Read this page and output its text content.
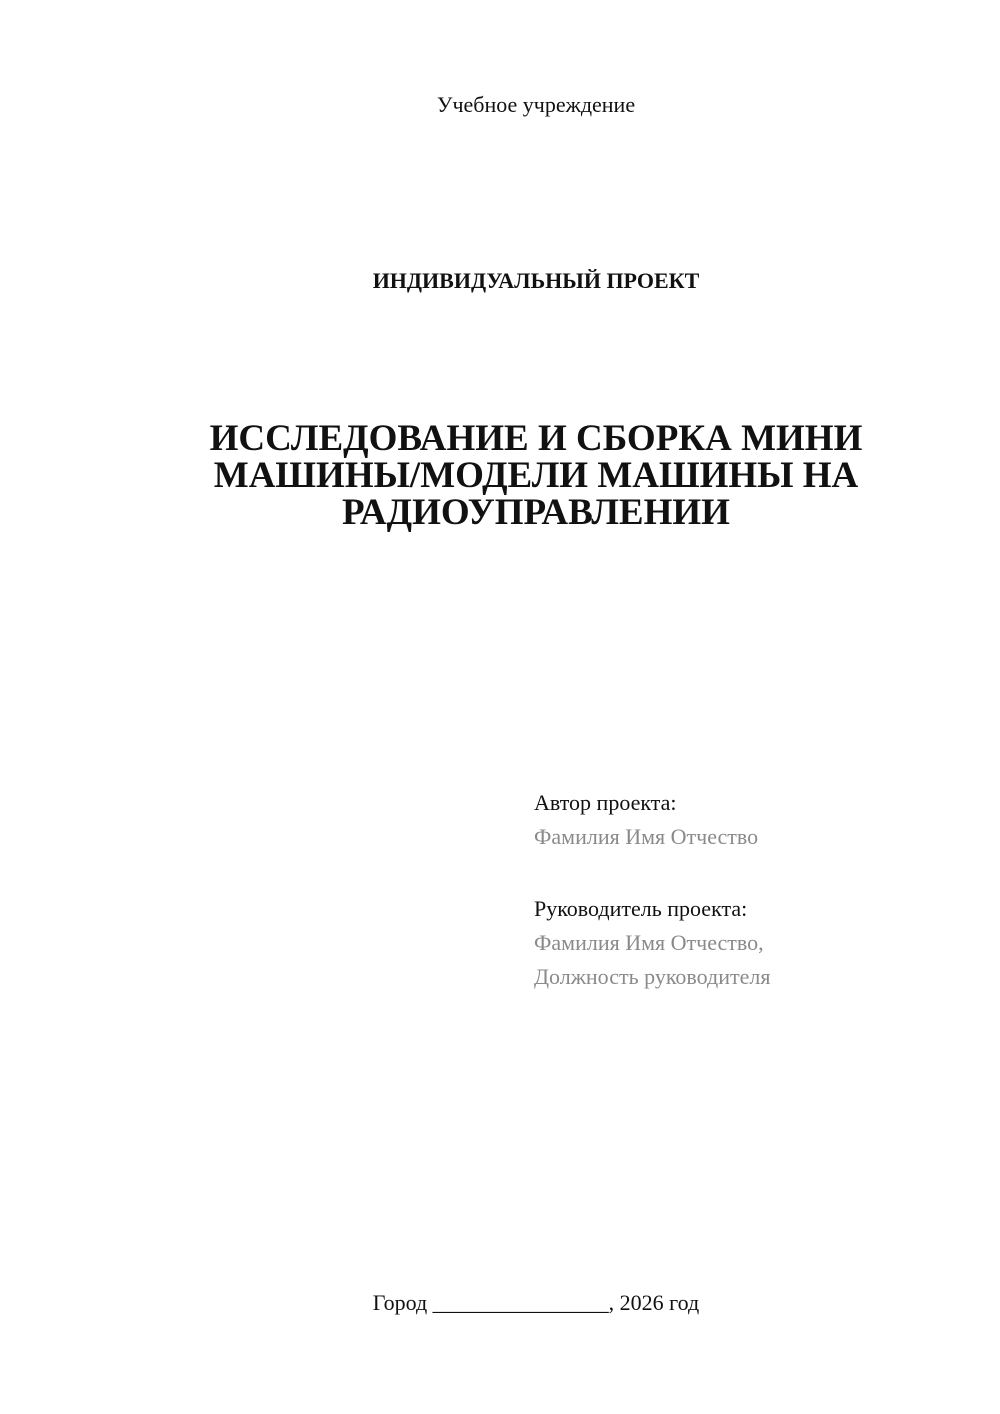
Учебное учреждение
ИНДИВИДУАЛЬНЫЙ ПРОЕКТ
ИССЛЕДОВАНИЕ И СБОРКА МИНИ
МАШИНЫ/МОДЕЛИ МАШИНЫ НА
РАДИОУПРАВЛЕНИИ
Автор проекта:
Фамилия Имя Отчество
Руководитель проекта:
Фамилия Имя Отчество,
Должность руководителя
Город ________________, 2026 год
